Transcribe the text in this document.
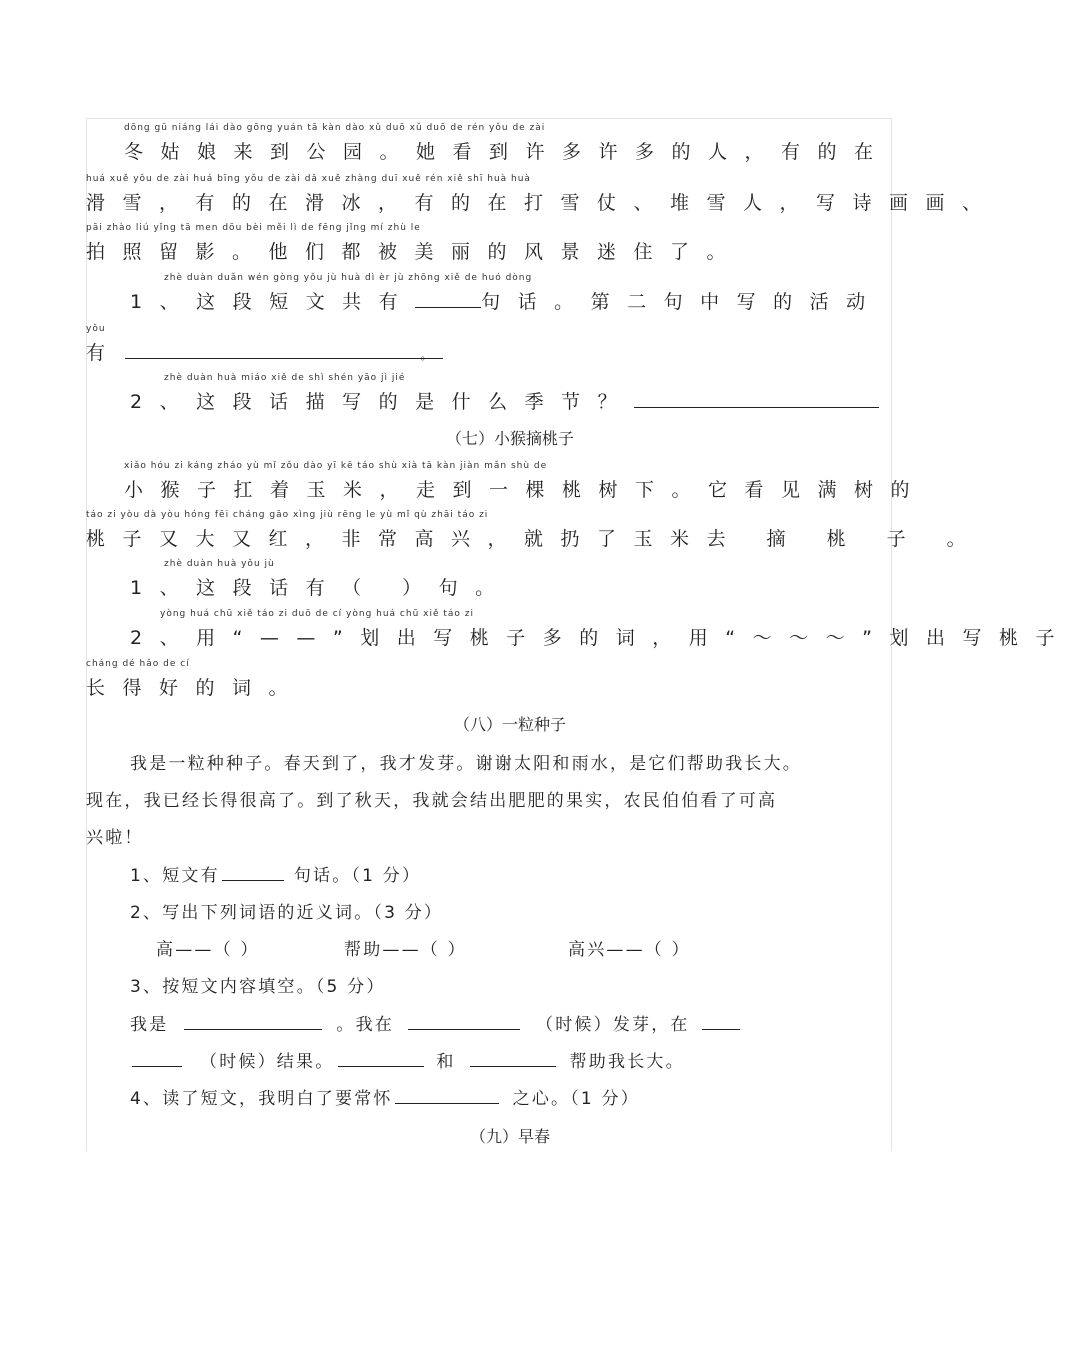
dōng gū niáng lái dào gōng yuán tā kàn dào xǔ duō xǔ duō de rén yǒu de zài
冬姑娘来到公园。她看到许多许多的人，有的在
huá xuě yǒu de zài huá bīng yǒu de zài dǎ xuě zhàng duī xuě rén xiě shī huà huà
滑雪，有的在滑冰，有的在打雪仗、堆雪人，写诗画画、
pāi zhào liú yǐng tā men dōu bèi měi lì de fēng jǐng mí zhù le
拍照留影。他们都被美丽的风景迷住了。
zhè duàn duǎn wén gòng yǒu jù huà dì èr jù zhōng xiě de huó dòng
1、这段短文共有	句话。第二句中写的活动
yǒu
有	。
zhè duàn huà miáo xiě de shì shén yāo jì jié
2、这段话描写的是什么季节？
（七）小猴摘桃子
xiǎo hóu zi káng zháo yù mǐ zǒu dào yī kē táo shù xià tā kàn jiàn mǎn shù de
小猴子扛着玉米，走到一棵桃树下。它看见满树的
táo zi yòu dà yòu hóng fēi cháng gāo xìng jiù rēng le yù mǐ qù zhāi táo zi
桃子又大又红，非常高兴，就扔了玉米去 摘 桃 子 。
zhè duàn huà yǒu jù
1、这段话有（ ）句。
yòng huá chū xiě táo zi duō de cí yòng huá chū xiě táo zi
2、用“——”划出写桃子多的词，用“～～～”划出写桃子
cháng dé hǎo de cí
长得好的词。
（八）一粒种子
我是一粒种种子。春天到了，我才发芽。谢谢太阳和雨水，是它们帮助我长大。
现在，我已经长得很高了。到了秋天，我就会结出肥肥的果实，农民伯伯看了可高
兴啦！
1、短文有	句话。（1 分）
2、写出下列词语的近义词。（3 分）
高——（ ）	帮助——（ ）	高兴——（ ）
3、按短文内容填空。（5 分）
我是	。我在	（时候）发芽，在
（时候）结果。	和	帮助我长大。
4、读了短文，我明白了要常怀	之心。（1 分）
（九）早春
